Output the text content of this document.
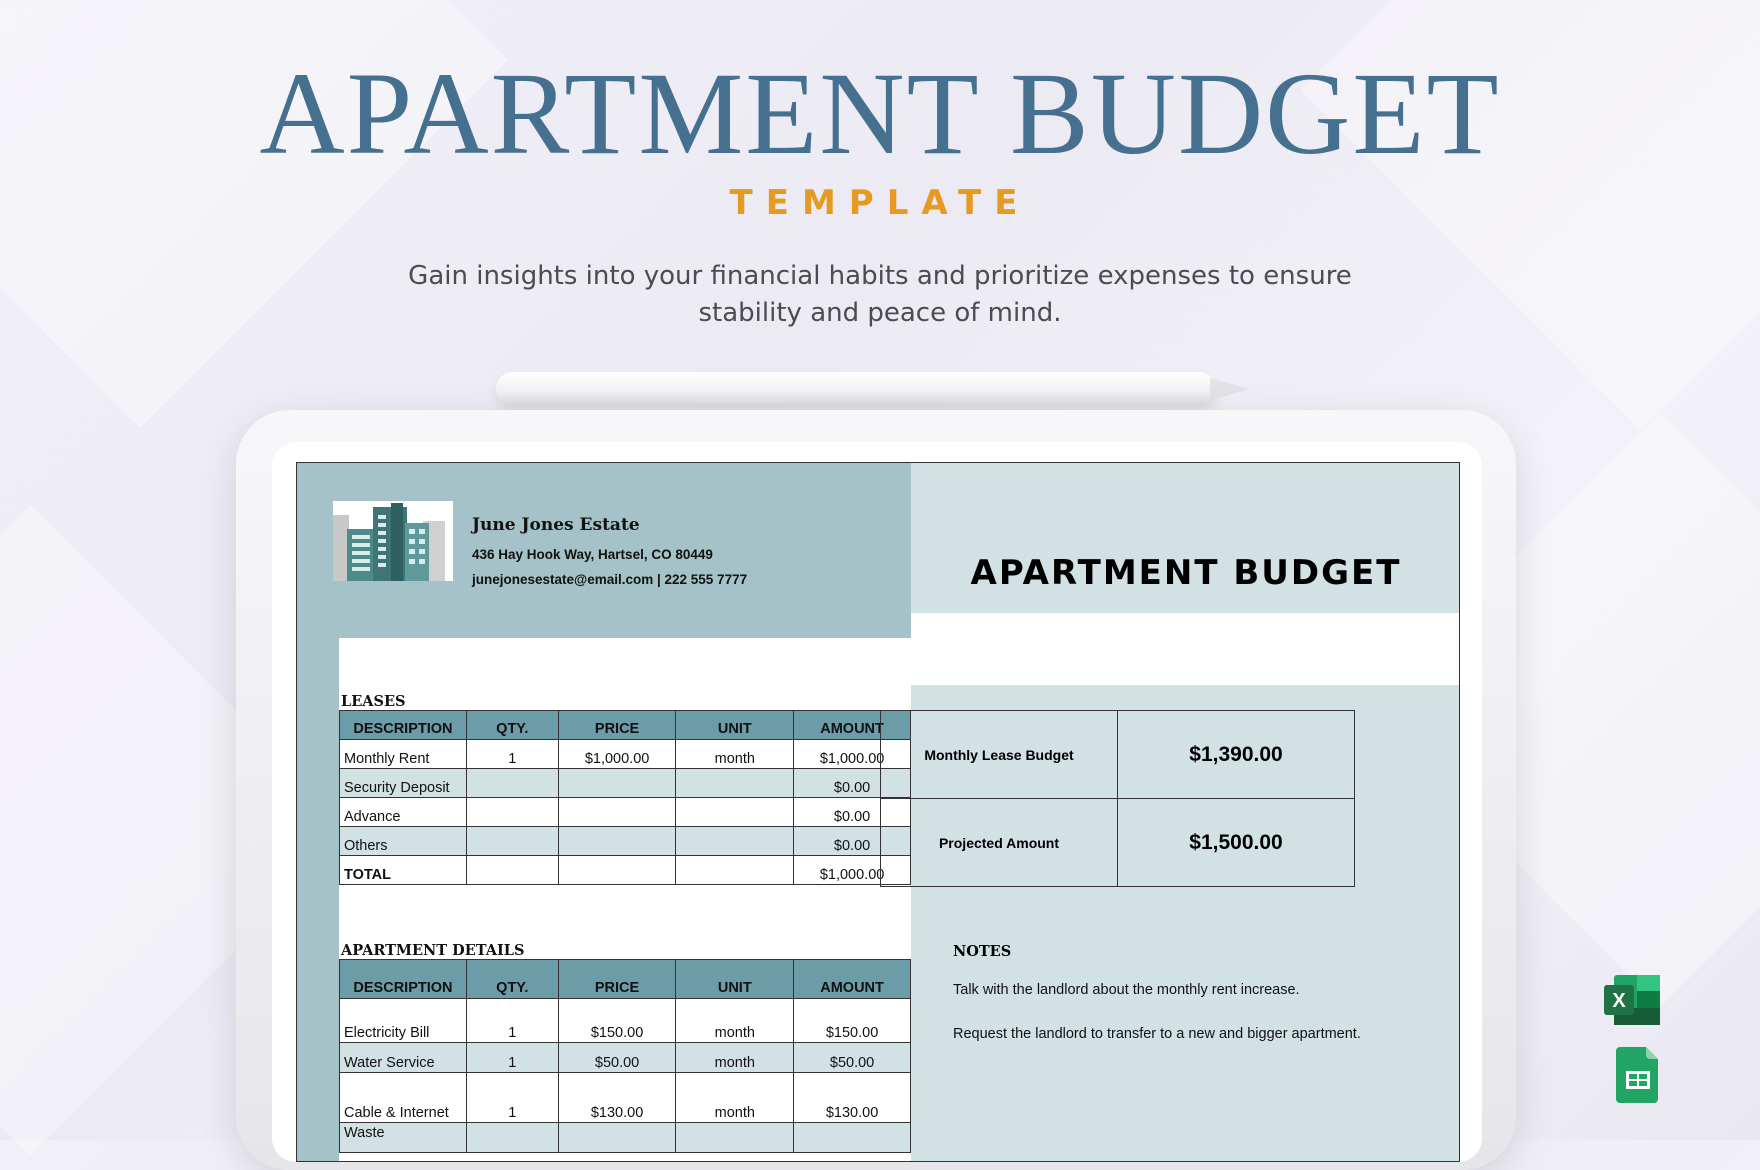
APARTMENT BUDGET
TEMPLATE
Gain insights into your financial habits and prioritize expenses to ensure
stability and peace of mind.
June Jones Estate
436 Hay Hook Way, Hartsel, CO 80449
junejonesestate@email.com | 222 555 7777	APARTMENT BUDGET
LEASES
DESCRIPTION	QTY.	PRICE	UNIT	AMOUNT
Monthly Rent	1	$1,000.00	month	$1,000.00
Security Deposit				$0.00
Advance				$0.00
Others				$0.00
TOTAL				$1,000.00
APARTMENT DETAILS
DESCRIPTION	QTY.	PRICE	UNIT	AMOUNT
Electricity Bill	1	$150.00	month	$150.00
Water Service	1	$50.00	month	$50.00
Cable & Internet	1	$130.00	month	$130.00
Waste				
Monthly Lease Budget	$1,390.00
Projected Amount	$1,500.00
NOTES
Talk with the landlord about the monthly rent increase.
Request the landlord to transfer to a new and bigger apartment.
X
